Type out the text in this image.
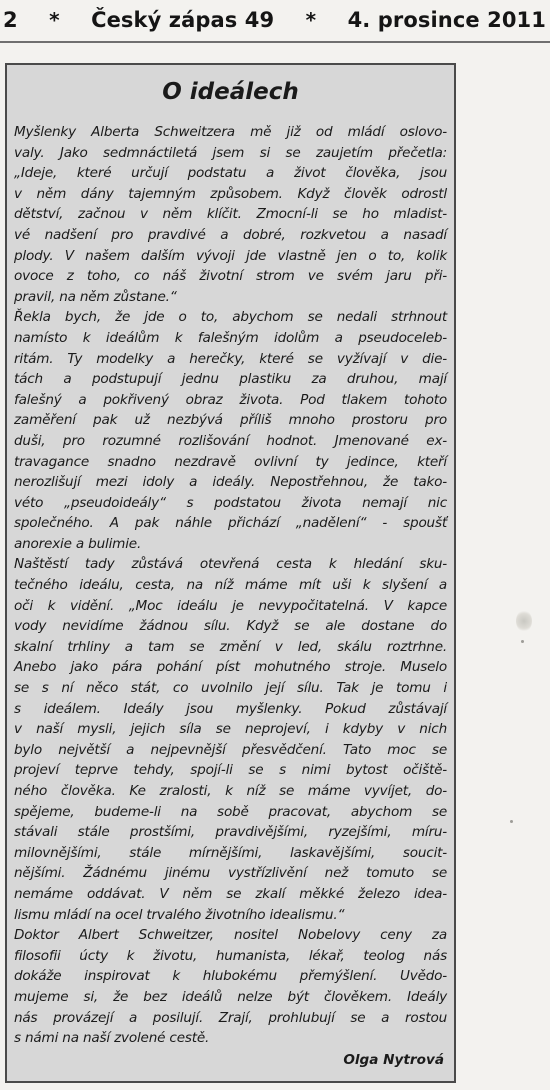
2 * Český zápas 49 * 4. prosince 2011
O ideálech
Myšlenky Alberta Schweitzera mě již od mládí oslovo-
valy. Jako sedmnáctiletá jsem si se zaujetím přečetla:
„Ideje, které určují podstatu a život člověka, jsou
v něm dány tajemným způsobem. Když člověk odrostl
dětství, začnou v něm klíčit. Zmocní-li se ho mladist-
vé nadšení pro pravdivé a dobré, rozkvetou a nasadí
plody. V našem dalším vývoji jde vlastně jen o to, kolik
ovoce z toho, co náš životní strom ve svém jaru při-
pravil, na něm zůstane.“
Řekla bych, že jde o to, abychom se nedali strhnout
namísto k ideálům k falešným idolům a pseudoceleb-
ritám. Ty modelky a herečky, které se vyžívají v die-
tách a podstupují jednu plastiku za druhou, mají
falešný a pokřivený obraz života. Pod tlakem tohoto
zaměření pak už nezbývá příliš mnoho prostoru pro
duši, pro rozumné rozlišování hodnot. Jmenované ex-
travagance snadno nezdravě ovlivní ty jedince, kteří
nerozlišují mezi idoly a ideály. Nepostřehnou, že tako-
véto „pseudoideály“ s podstatou života nemají nic
společného. A pak náhle přichází „nadělení“ - spoušť
anorexie a bulimie.
Naštěstí tady zůstává otevřená cesta k hledání sku-
tečného ideálu, cesta, na níž máme mít uši k slyšení a
oči k vidění. „Moc ideálu je nevypočitatelná. V kapce
vody nevidíme žádnou sílu. Když se ale dostane do
skalní trhliny a tam se změní v led, skálu roztrhne.
Anebo jako pára pohání píst mohutného stroje. Muselo
se s ní něco stát, co uvolnilo její sílu. Tak je tomu i
s ideálem. Ideály jsou myšlenky. Pokud zůstávají
v naší mysli, jejich síla se neprojeví, i kdyby v nich
bylo největší a nejpevnější přesvědčení. Tato moc se
projeví teprve tehdy, spojí-li se s nimi bytost očiště-
ného člověka. Ke zralosti, k níž se máme vyvíjet, do-
spějeme, budeme-li na sobě pracovat, abychom se
stávali stále prostšími, pravdivějšími, ryzejšími, míru-
milovnějšími, stále mírnějšími, laskavějšími, soucit-
nějšími. Žádnému jinému vystřízlivění než tomuto se
nemáme oddávat. V něm se zkalí měkké železo idea-
lismu mládí na ocel trvalého životního idealismu.“
Doktor Albert Schweitzer, nositel Nobelovy ceny za
filosofii úcty k životu, humanista, lékař, teolog nás
dokáže inspirovat k hlubokému přemýšlení. Uvědo-
mujeme si, že bez ideálů nelze být člověkem. Ideály
nás provázejí a posilují. Zrají, prohlubují se a rostou
s námi na naší zvolené cestě.
Olga Nytrová
